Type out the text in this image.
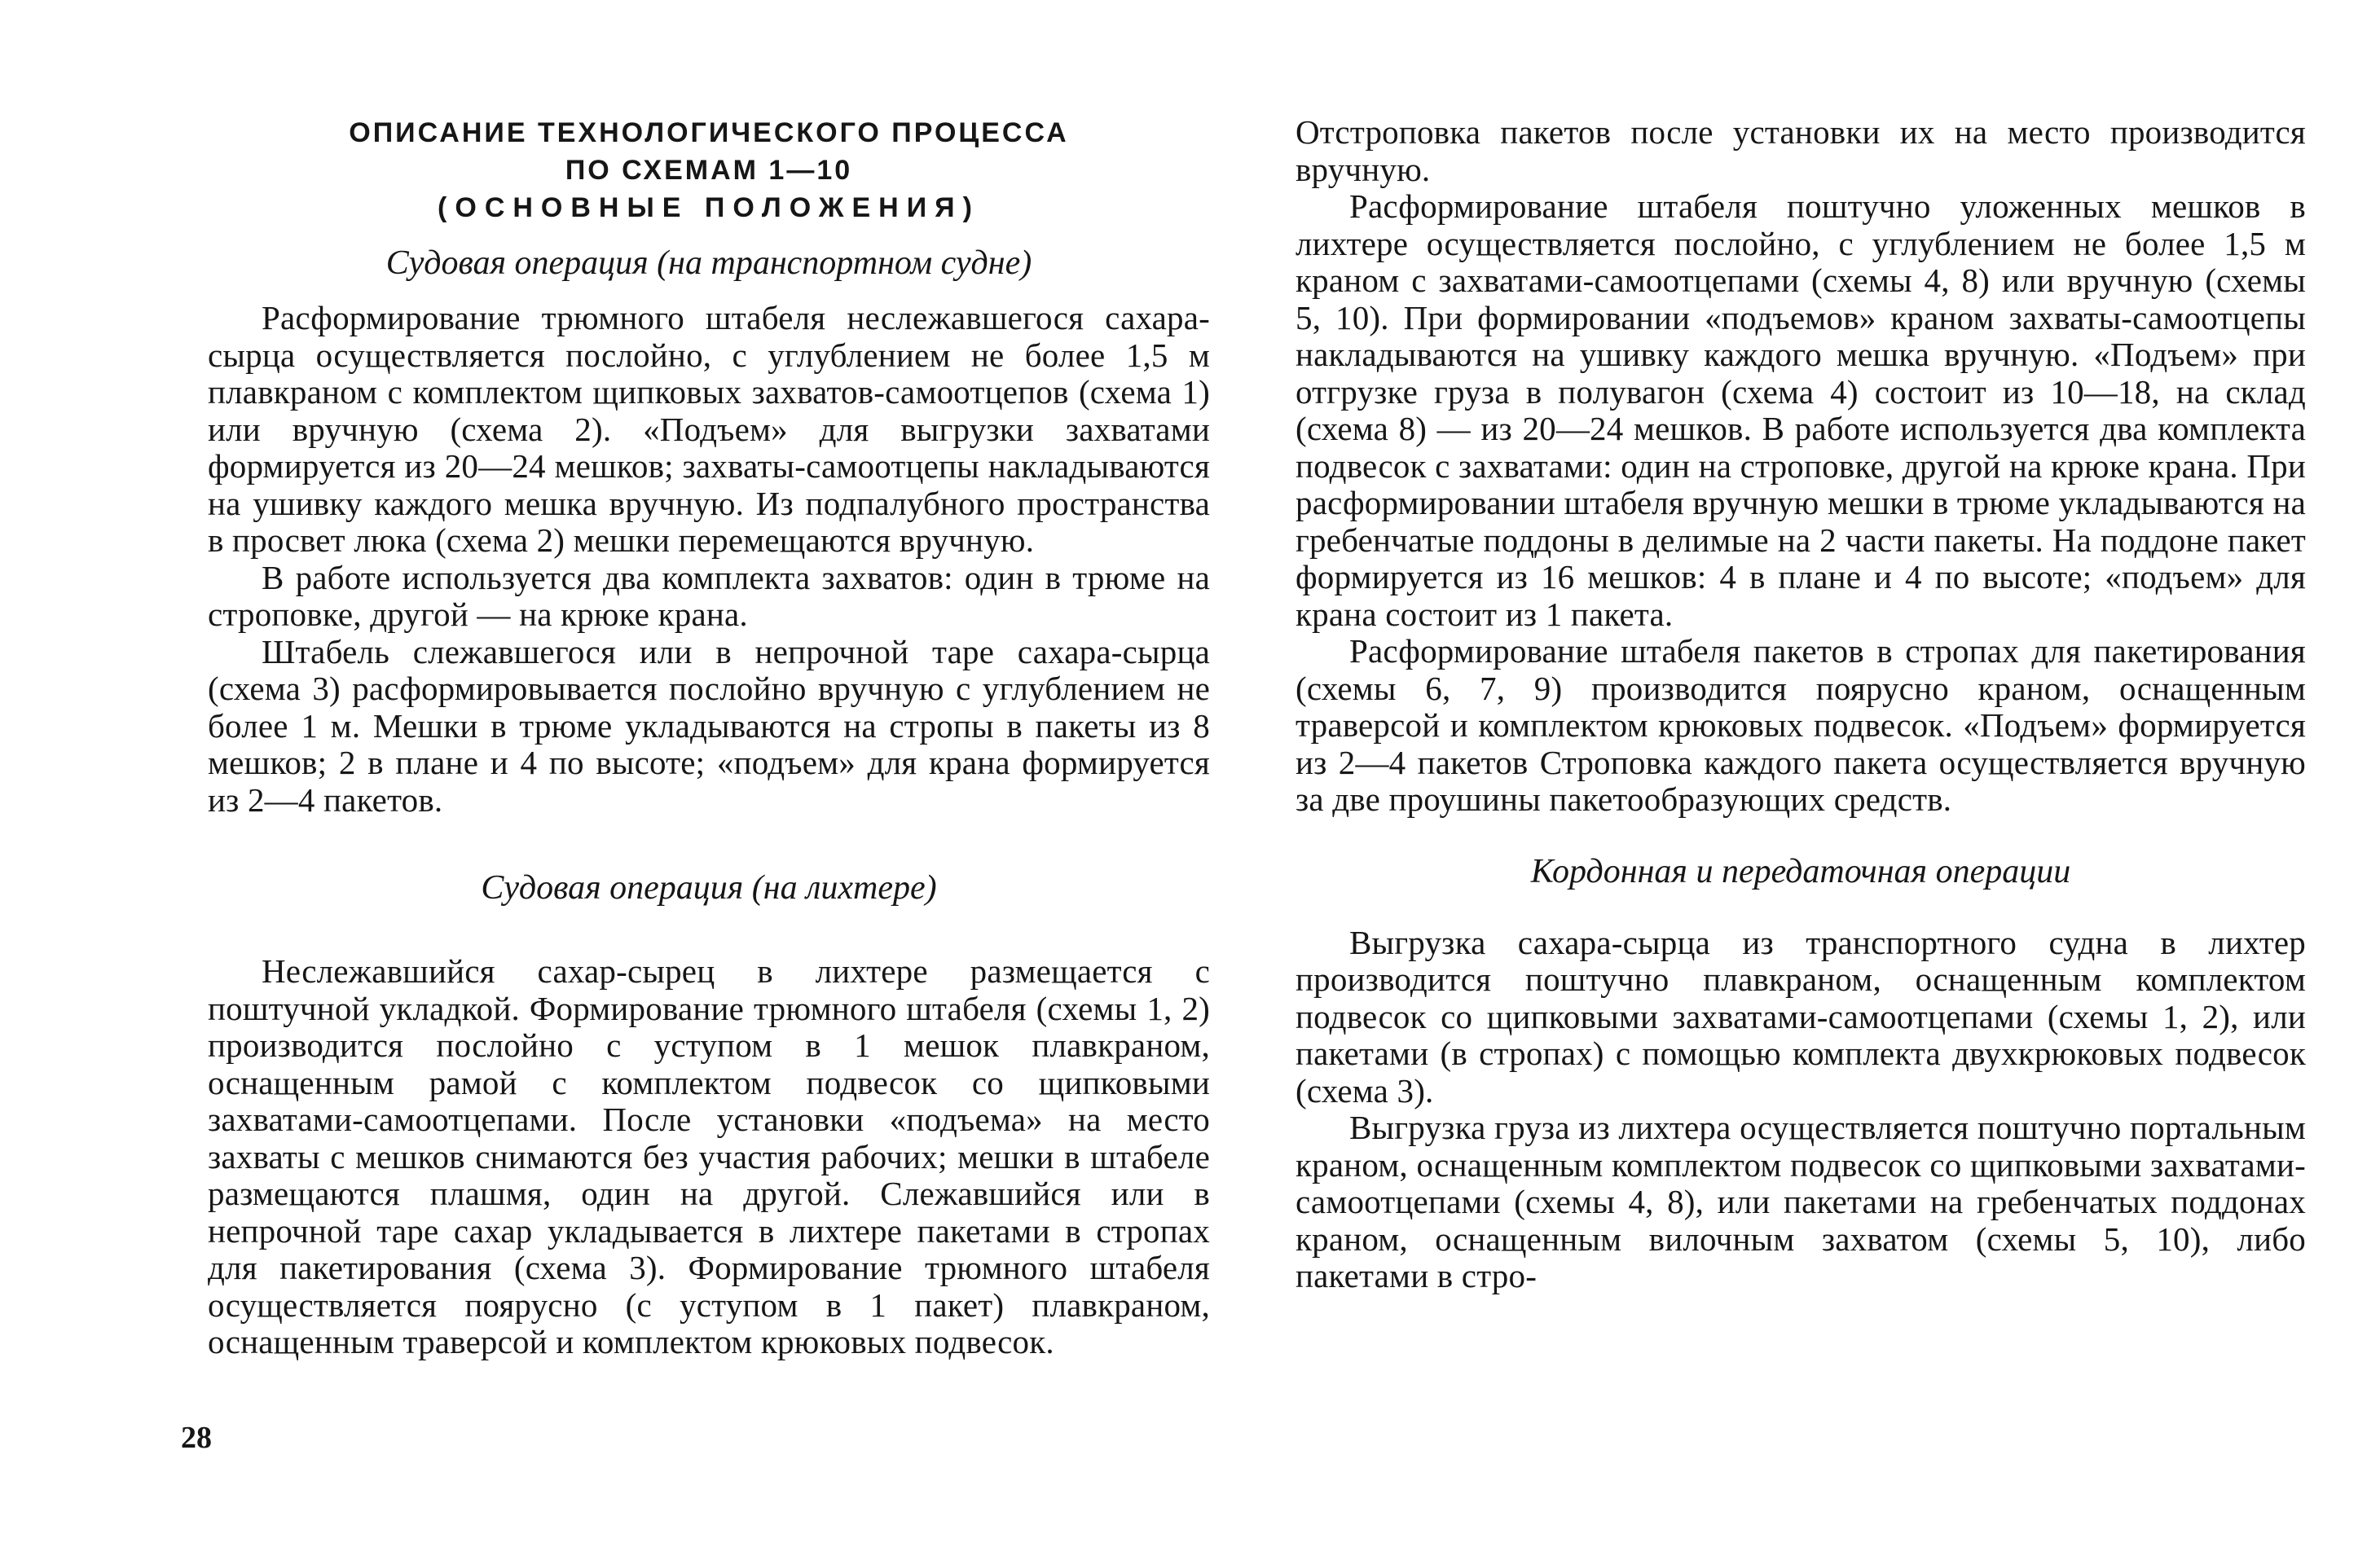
ОПИСАНИЕ ТЕХНОЛОГИЧЕСКОГО ПРОЦЕССА

ПО СХЕМАМ 1—10

(ОСНОВНЫЕ ПОЛОЖЕНИЯ)

Судовая операция (на транспортном судне)

Расформирование трюмного штабеля неслежавшегося сахара-сырца осуществляется послойно, с углублением не более 1,5 м плавкраном с комплектом щипковых захватов-самоотцепов (схема 1) или вручную (схема 2). «Подъем» для выгрузки захватами формируется из 20—24 мешков; захваты-самоотцепы накладываются на ушивку каждого мешка вручную. Из подпалубного пространства в просвет люка (схема 2) мешки перемещаются вручную.

В работе используется два комплекта захватов: один в трюме на строповке, другой — на крюке крана.

Штабель слежавшегося или в непрочной таре сахара-сырца (схема 3) расформировывается послойно вручную с углублением не более 1 м. Мешки в трюме укладываются на стропы в пакеты из 8 мешков; 2 в плане и 4 по высоте; «подъем» для крана формируется из 2—4 пакетов.

Судовая операция (на лихтере)

Неслежавшийся сахар-сырец в лихтере размещается с поштучной укладкой. Формирование трюмного штабеля (схемы 1, 2) производится послойно с уступом в 1 мешок плавкраном, оснащенным рамой с комплектом подвесок со щипковыми захватами-самоотцепами. После установки «подъема» на место захваты с мешков снимаются без участия рабочих; мешки в штабеле размещаются плашмя, один на другой. Слежавшийся или в непрочной таре сахар укладывается в лихтере пакетами в стропах для пакетирования (схема 3). Формирование трюмного штабеля осуществляется поярусно (с уступом в 1 пакет) плавкраном, оснащенным траверсой и комплектом крюковых подвесок.

28

Отстроповка пакетов после установки их на место производится вручную.

Расформирование штабеля поштучно уложенных мешков в лихтере осуществляется послойно, с углублением не более 1,5 м краном с захватами-самоотцепами (схемы 4, 8) или вручную (схемы 5, 10). При формировании «подъемов» краном захваты-самоотцепы накладываются на ушивку каждого мешка вручную. «Подъем» при отгрузке груза в полувагон (схема 4) состоит из 10—18, на склад (схема 8) — из 20—24 мешков. В работе используется два комплекта подвесок с захватами: один на строповке, другой на крюке крана. При расформировании штабеля вручную мешки в трюме укладываются на гребенчатые поддоны в делимые на 2 части пакеты. На поддоне пакет формируется из 16 мешков: 4 в плане и 4 по высоте; «подъем» для крана состоит из 1 пакета.

Расформирование штабеля пакетов в стропах для пакетирования (схемы 6, 7, 9) производится поярусно краном, оснащенным траверсой и комплектом крюковых подвесок. «Подъем» формируется из 2—4 пакетов Строповка каждого пакета осуществляется вручную за две проушины пакетообразующих средств.

Кордонная и передаточная операции

Выгрузка сахара-сырца из транспортного судна в лихтер производится поштучно плавкраном, оснащенным комплектом подвесок со щипковыми захватами-самоотцепами (схемы 1, 2), или пакетами (в стропах) с помощью комплекта двухкрюковых подвесок (схема 3).

Выгрузка груза из лихтера осуществляется поштучно портальным краном, оснащенным комплектом подвесок со щипковыми захватами-самоотцепами (схемы 4, 8), или пакетами на гребенчатых поддонах краном, оснащенным вилочным захватом (схемы 5, 10), либо пакетами в стро-
